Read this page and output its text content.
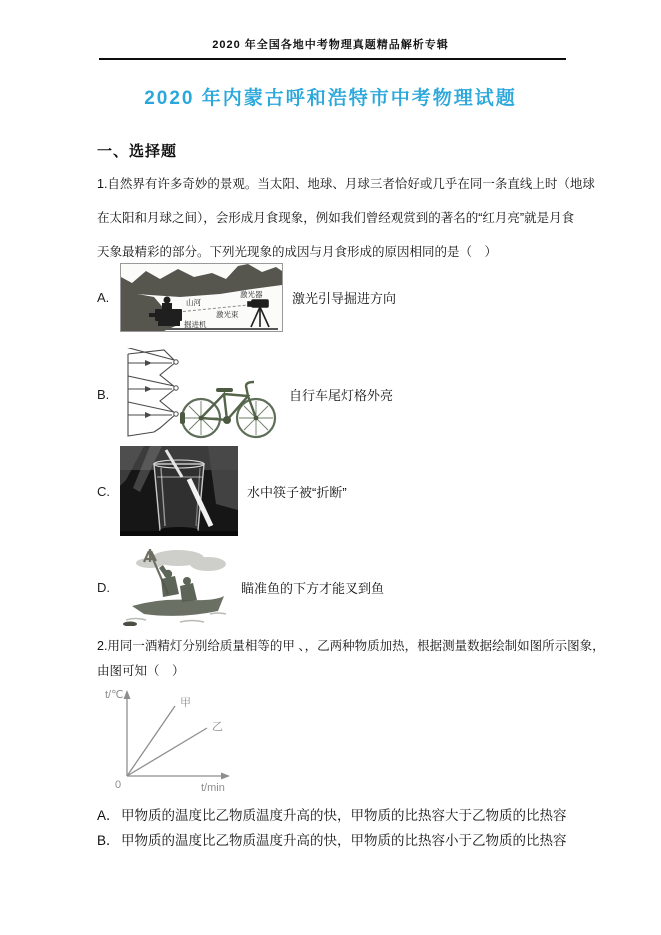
2020 年全国各地中考物理真题精品解析专辑
2020 年内蒙古呼和浩特市中考物理试题
一、选择题
1.自然界有许多奇妙的景观。当太阳、地球、月球三者恰好或几乎在同一条直线上时（地球
在太阳和月球之间），会形成月食现象，例如我们曾经观赏到的著名的“红月亮”就是月食
天象最精彩的部分。下列光现象的成因与月食形成的原因相同的是（　）
A.	山河
激光器
激光束
掘进机
激光引导掘进方向
B.	自行车尾灯格外亮
C.	水中筷子被“折断”
D.	瞄准鱼的下方才能叉到鱼
2.用同一酒精灯分别给质量相等的甲 、，乙两种物质加热，根据测量数据绘制如图所示图象，
由图可知（　）
t/℃
甲
乙
0	t/min
A． 甲物质的温度比乙物质温度升高的快，甲物质的比热容大于乙物质的比热容
B． 甲物质的温度比乙物质温度升高的快，甲物质的比热容小于乙物质的比热容
